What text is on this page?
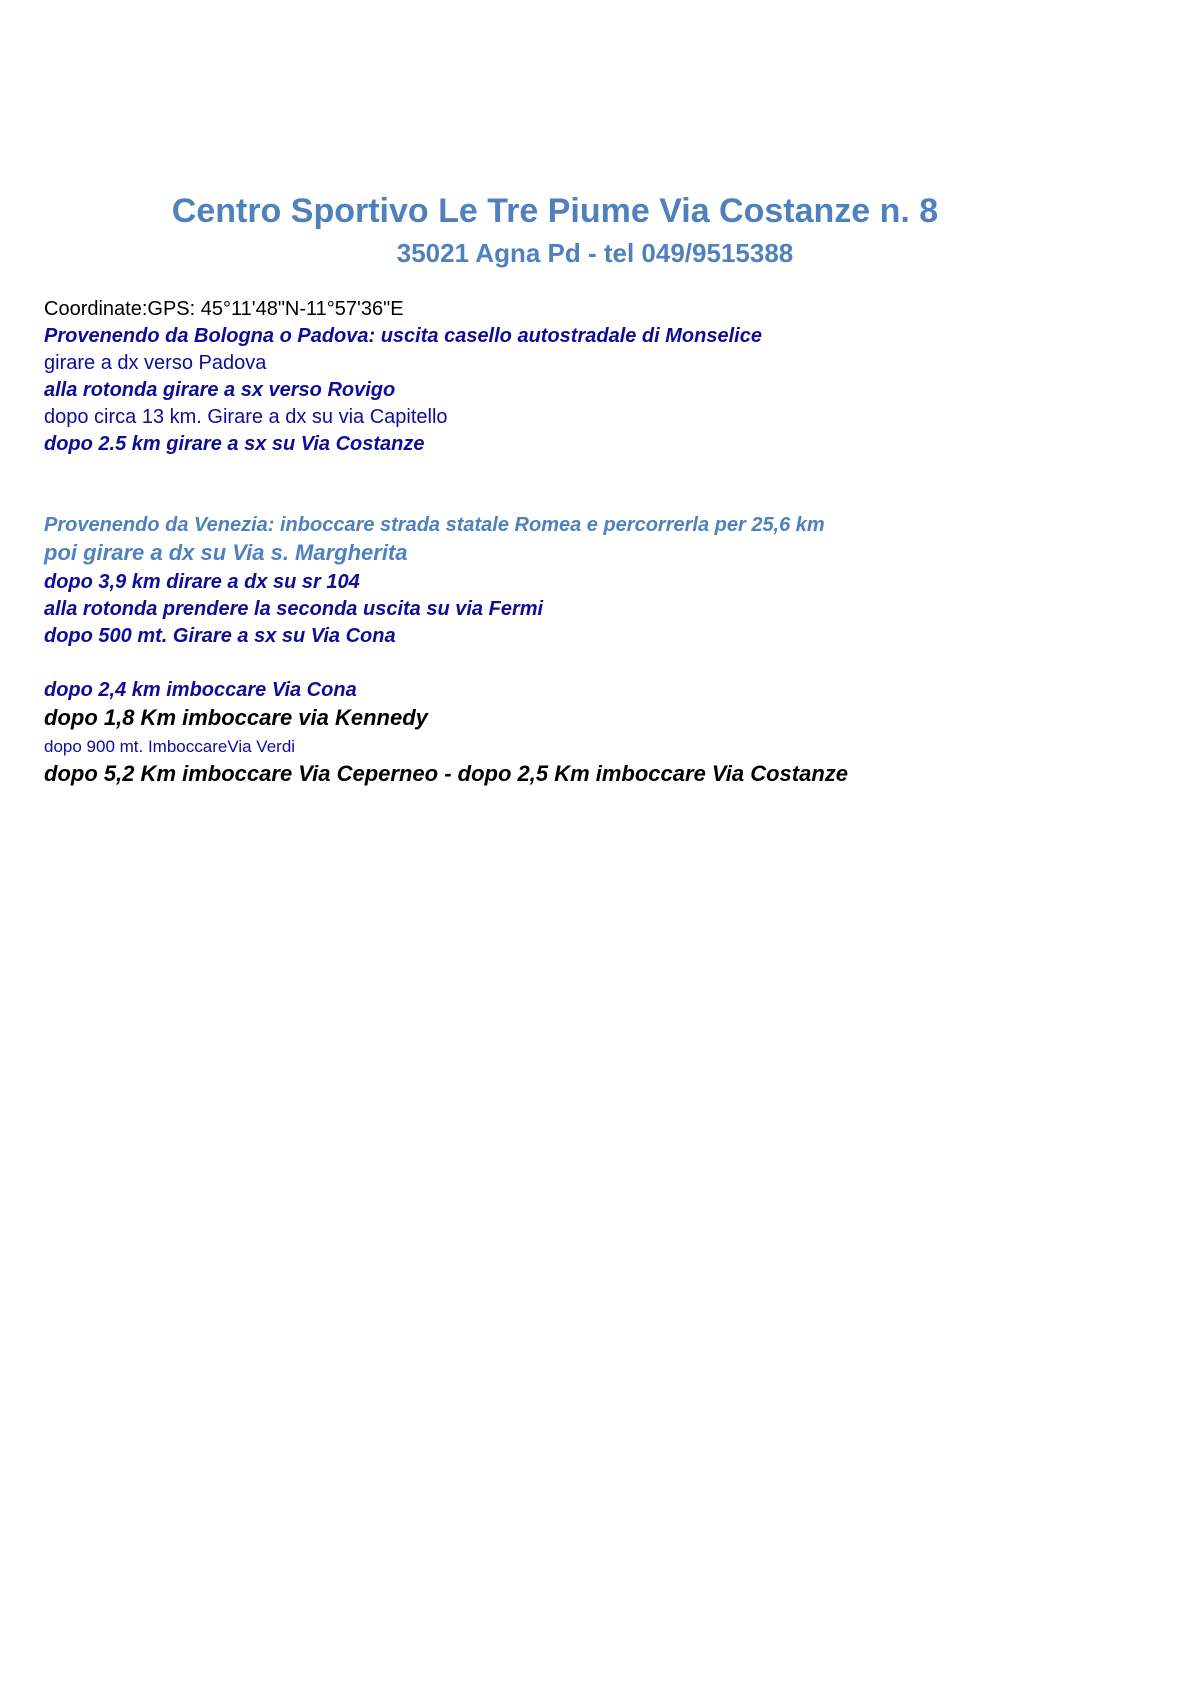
Centro Sportivo Le Tre Piume Via Costanze n. 8
35021 Agna Pd - tel 049/9515388

Coordinate:GPS: 45°11'48"N-11°57'36"E

Provenendo da Bologna o Padova: uscita casello autostradale di Monselice

girare a dx verso Padova

alla rotonda girare a sx verso Rovigo

dopo circa 13 km. Girare a dx su via Capitello

dopo 2.5 km girare a sx su Via Costanze

Provenendo da Venezia: inboccare strada statale Romea e percorrerla per 25,6 km

poi girare a dx su Via s. Margherita

dopo 3,9 km dirare a dx su sr 104

alla rotonda prendere la seconda uscita su via Fermi

dopo 500 mt. Girare a sx su Via Cona

dopo 2,4 km imboccare Via Cona

dopo 1,8 Km imboccare via Kennedy

dopo 900 mt. ImboccareVia Verdi

dopo 5,2 Km imboccare Via Ceperneo - dopo 2,5 Km imboccare Via Costanze
